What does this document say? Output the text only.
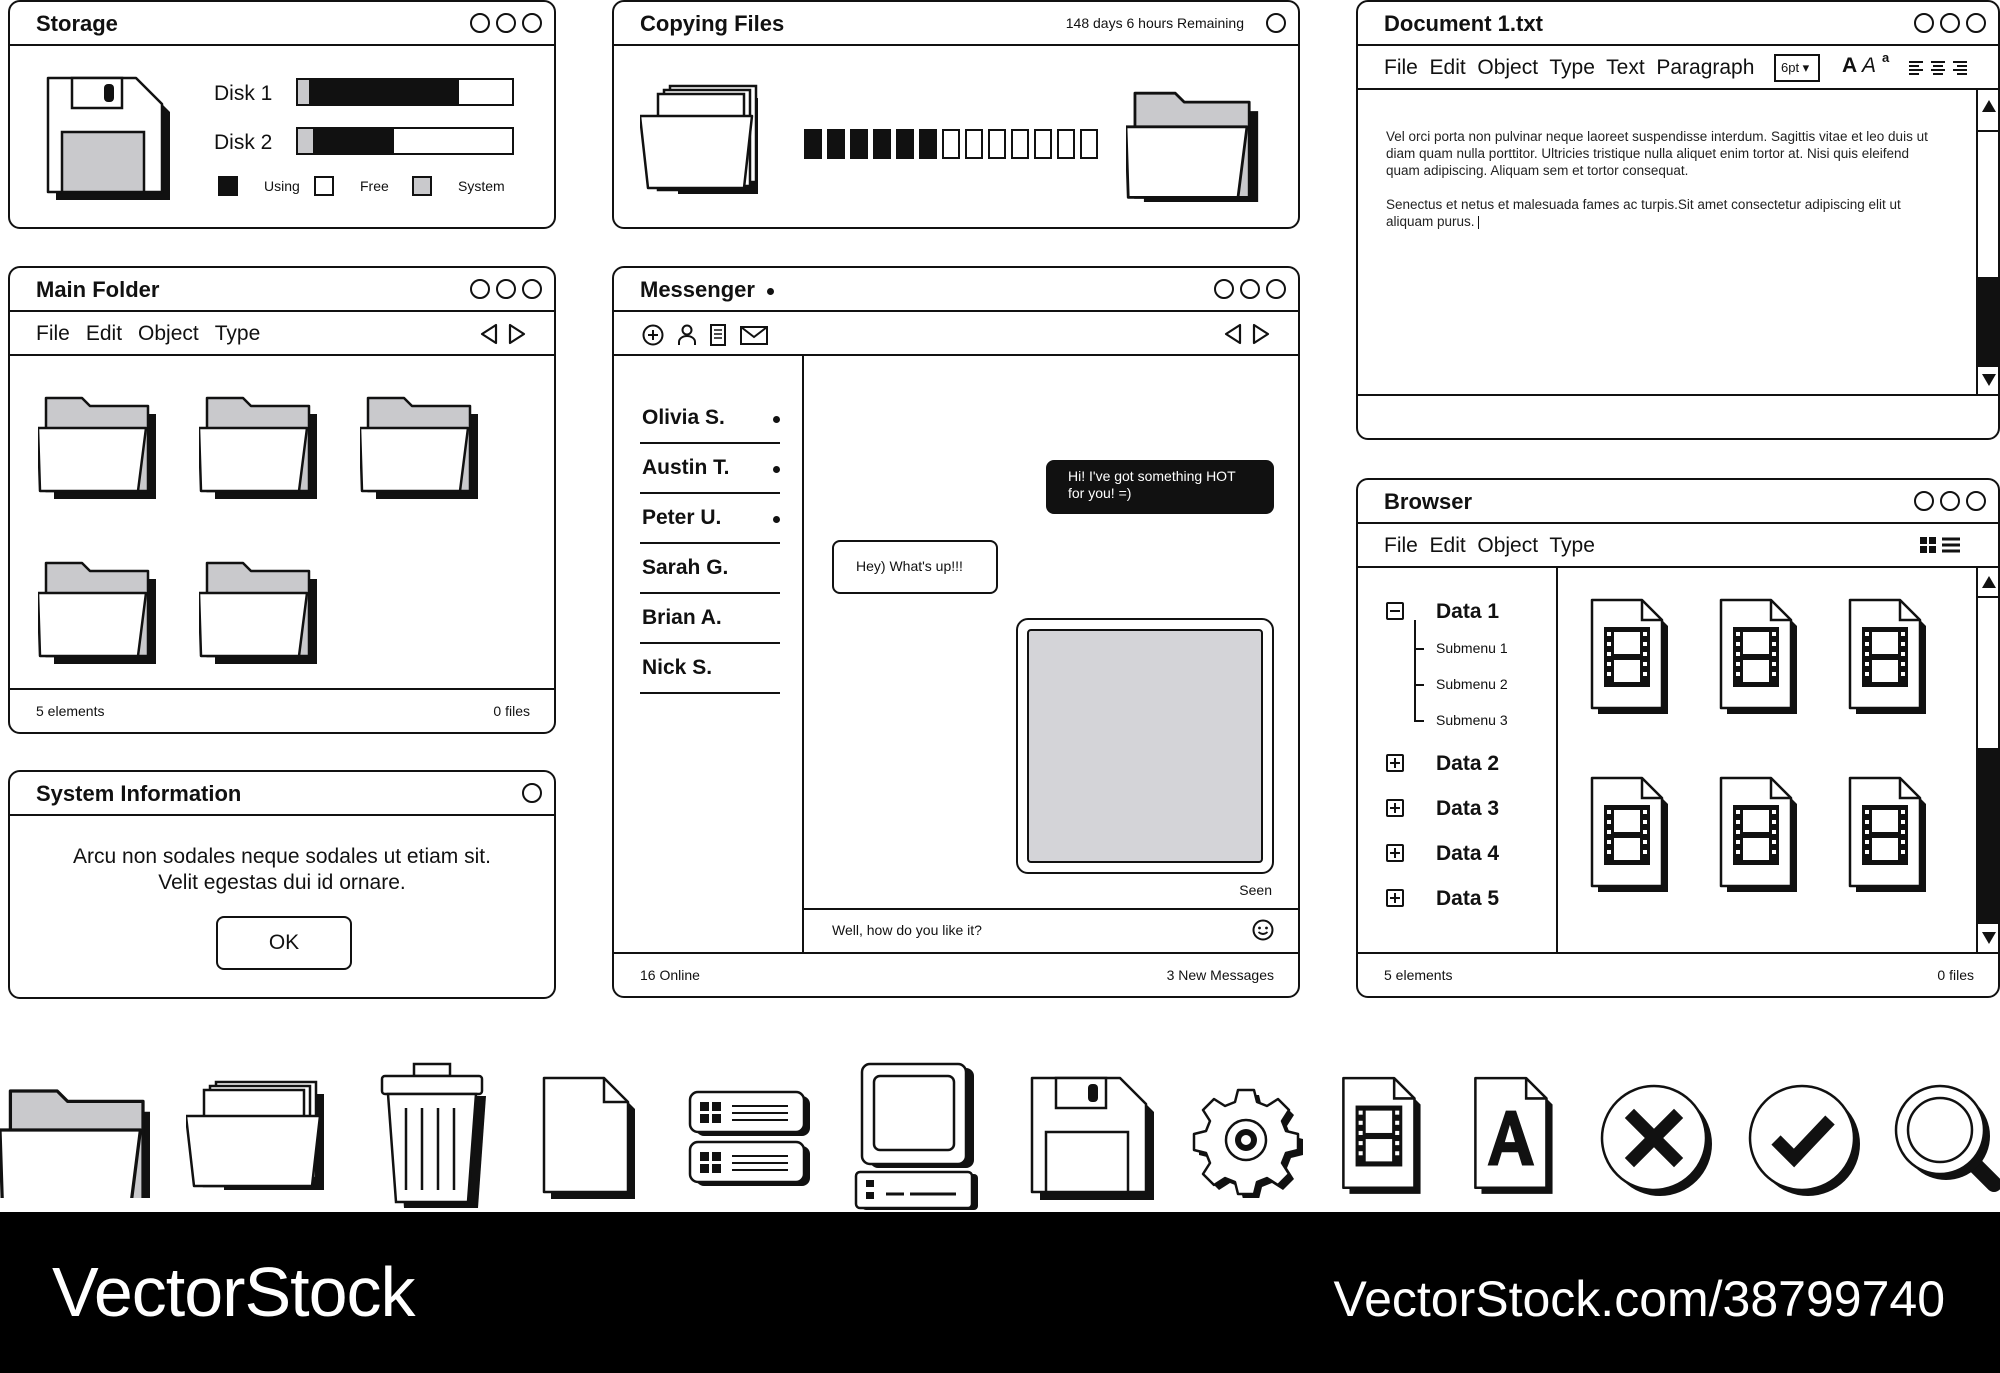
Storage
Disk 1
Disk 2
Using	Free	System
Copying Files	148 days 6 hours Remaining	Document 1.txt
File  Edit  Object  Type  Text  Paragraph	6pt ▾	A A a
Vel orci porta non pulvinar neque laoreet suspendisse interdum. Sagittis vitae et leo duis ut diam quam nulla porttitor. Ultricies tristique nulla aliquet enim tortor at. Nisi quis eleifend quam adipiscing. Aliquam sem et tortor consequat.
Senectus et netus et malesuada fames ac turpis.Sit amet consectetur adipiscing elit ut aliquam purus.
Main Folder
File Edit Object Type
5 elements	0 files
Messenger
Olivia S.
Austin T.
Peter U.
Sarah G.
Brian A.
Nick S.
Hi! I've got something HOT for you! =)
Hey) What's up!!!
Seen
Well, how do you like it?
16 Online	3 New Messages
System Information
Arcu non sodales neque sodales ut etiam sit.
Velit egestas dui id ornare.
OK
Browser
File  Edit  Object  Type
Data 1
Submenu 1
Submenu 2
Submenu 3
Data 2
Data 3
Data 4
Data 5
5 elements	0 files
VectorStock	VectorStock.com/38799740
